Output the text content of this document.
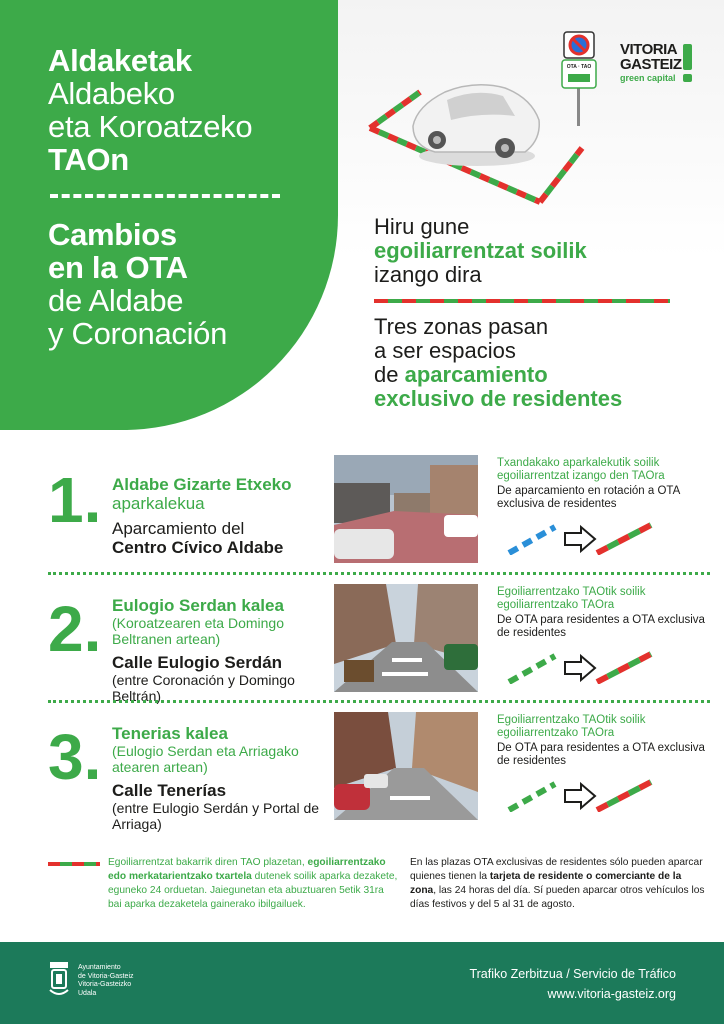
Aldaketak
Aldabeko
eta Koroatzeko
TAOn
Cambios
en la OTA
de Aldabe
y Coronación
OTA · TAO
VITORIA
GASTEIZ
green capital
Hiru gune
egoiliarrentzat soilik
izango dira
Tres zonas pasan
a ser espacios
de aparcamiento
exclusivo de residentes
1. Aldabe Gizarte Etxeko
aparkalekua
Aparcamiento del
Centro Cívico Aldabe
Txandakako aparkalekutik soilik egoiliarrentzat izango den TAOra
De aparcamiento en rotación a OTA exclusiva de residentes
2. Eulogio Serdan kalea
(Koroatzearen eta Domingo Beltranen artean)
Calle Eulogio Serdán
(entre Coronación y Domingo Beltrán)
Egoiliarrentzako TAOtik soilik egoiliarrentzako TAOra
De OTA para residentes a OTA exclusiva de residentes
3. Tenerias kalea
(Eulogio Serdan eta Arriagako atearen artean)
Calle Tenerías
(entre Eulogio Serdán y Portal de Arriaga)
Egoiliarrentzako TAOtik soilik egoiliarrentzako TAOra
De OTA para residentes a OTA exclusiva de residentes
Egoiliarrentzat bakarrik diren TAO plazetan, egoiliarrentzako edo merkatarientzako txartela dutenek soilik aparka dezakete, eguneko 24 orduetan. Jaiegunetan eta abuztuaren 5etik 31ra bai aparka dezaketela gainerako ibilgailuek.
En las plazas OTA exclusivas de residentes sólo pueden aparcar quienes tienen la tarjeta de residente o comerciante de la zona, las 24 horas del día. Sí pueden aparcar otros vehículos los días festivos y del 5 al 31 de agosto.
Ayuntamiento
de Vitoria-Gasteiz
Vitoria-Gasteizko
Udala
Trafiko Zerbitzua / Servicio de Tráfico
www.vitoria-gasteiz.org
